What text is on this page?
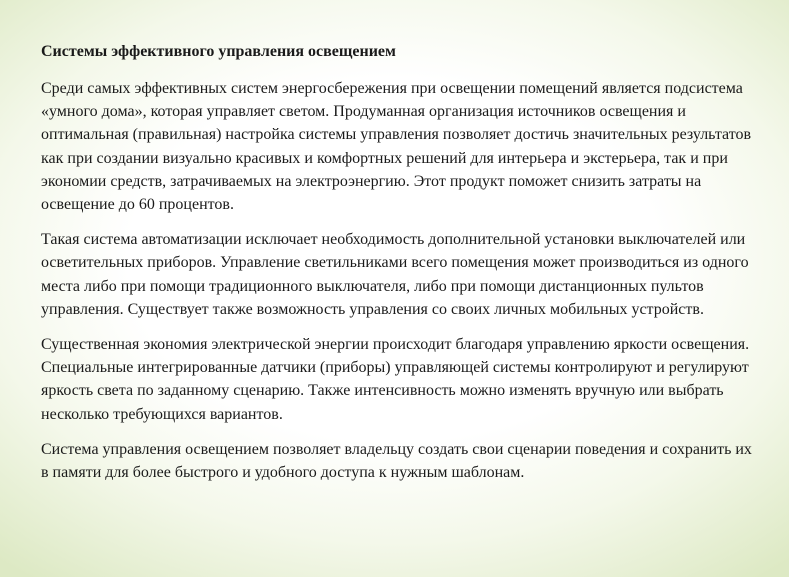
Системы эффективного управления освещением

Среди самых эффективных систем энергосбережения при освещении помещений является подсистема «умного дома», которая управляет светом. Продуманная организация источников освещения и оптимальная (правильная) настройка системы управления позволяет достичь значительных результатов как при создании визуально красивых и комфортных решений для интерьера и экстерьера, так и при экономии средств, затрачиваемых на электроэнергию. Этот продукт поможет снизить затраты на освещение до 60 процентов.

Такая система автоматизации исключает необходимость дополнительной установки выключателей или осветительных приборов. Управление светильниками всего помещения может производиться из одного места либо при помощи традиционного выключателя, либо при помощи дистанционных пультов управления. Существует также возможность управления со своих личных мобильных устройств.

Существенная экономия электрической энергии происходит благодаря управлению яркости освещения. Специальные интегрированные датчики (приборы) управляющей системы контролируют и регулируют яркость света по заданному сценарию. Также интенсивность можно изменять вручную или выбрать несколько требующихся вариантов.

Система управления освещением позволяет владельцу создать свои сценарии поведения и сохранить их в памяти для более быстрого и удобного доступа к нужным шаблонам.
